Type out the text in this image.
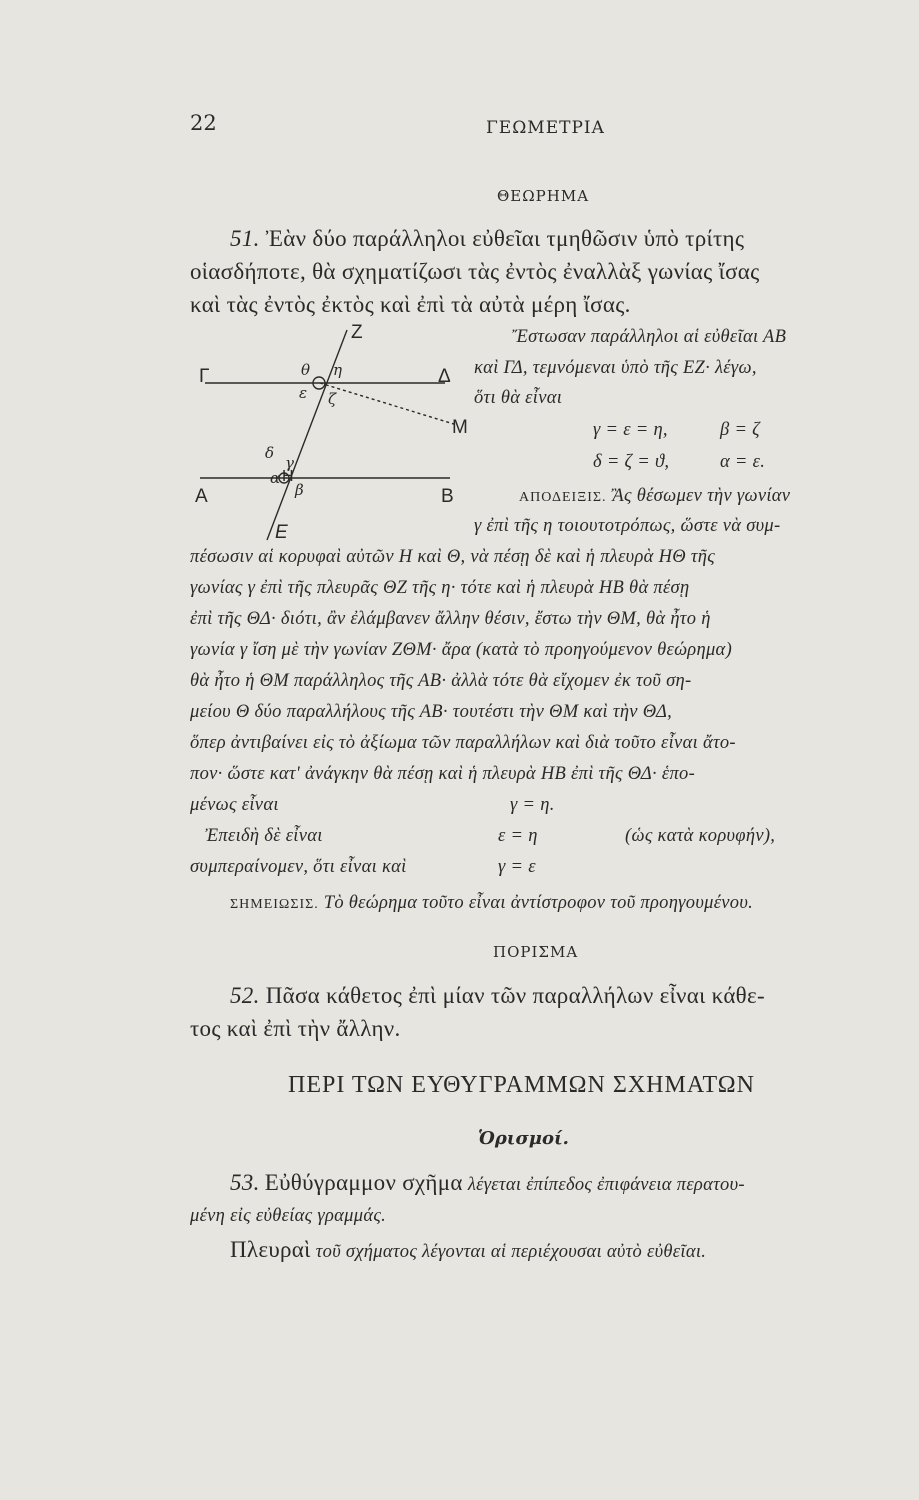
22	ΓΕΩΜΕΤΡΙΑ
ΘΕΩΡΗΜΑ
51. Ἐὰν δύο παράλληλοι εὐθεῖαι τμηθῶσιν ὑπὸ τρίτης
οἱασδήποτε, θὰ σχηματίζωσι τὰς ἐντὸς ἐναλλὰξ γωνίας ἴσας
καὶ τὰς ἐντὸς ἐκτὸς καὶ ἐπὶ τὰ αὐτὰ μέρη ἴσας.
Z
Γ	Δ
M
A	B
E
H
θ η
ε ζ
δ
γ
α
β
Ἔστωσαν παράλληλοι αἱ εὐθεῖαι ΑΒ
καὶ ΓΔ, τεμνόμεναι ὑπὸ τῆς ΕΖ· λέγω,
ὅτι θὰ εἶναι
γ = ε = η,	β = ζ
δ = ζ = ϑ,	α = ε.
ΑΠΟΔΕΙΞΙΣ. Ἂς θέσωμεν τὴν γωνίαν
γ ἐπὶ τῆς η τοιουτοτρόπως, ὥστε νὰ συμ-
πέσωσιν αἱ κορυφαὶ αὐτῶν Η καὶ Θ, νὰ πέσῃ δὲ καὶ ἡ πλευρὰ ΗΘ τῆς
γωνίας γ ἐπὶ τῆς πλευρᾶς ΘΖ τῆς η· τότε καὶ ἡ πλευρὰ ΗΒ θὰ πέσῃ
ἐπὶ τῆς ΘΔ· διότι, ἂν ἐλάμβανεν ἄλλην θέσιν, ἔστω τὴν ΘΜ, θὰ ἦτο ἡ
γωνία γ ἴση μὲ τὴν γωνίαν ΖΘΜ· ἄρα (κατὰ τὸ προηγούμενον θεώρημα)
θὰ ἦτο ἡ ΘΜ παράλληλος τῆς ΑΒ· ἀλλὰ τότε θὰ εἴχομεν ἐκ τοῦ ση-
μείου Θ δύο παραλλήλους τῆς ΑΒ· τουτέστι τὴν ΘΜ καὶ τὴν ΘΔ,
ὅπερ ἀντιβαίνει εἰς τὸ ἀξίωμα τῶν παραλλήλων καὶ διὰ τοῦτο εἶναι ἄτο-
πον· ὥστε κατ' ἀνάγκην θὰ πέσῃ καὶ ἡ πλευρὰ ΗΒ ἐπὶ τῆς ΘΔ· ἑπο-
μένως εἶναι	γ = η.
Ἐπειδὴ δὲ εἶναι	ε = η	(ὡς κατὰ κορυφήν),
συμπεραίνομεν, ὅτι εἶναι καὶ	γ = ε
ΣΗΜΕΙΩΣΙΣ. Τὸ θεώρημα τοῦτο εἶναι ἀντίστροφον τοῦ προηγουμένου.
ΠΟΡΙΣΜΑ
52. Πᾶσα κάθετος ἐπὶ μίαν τῶν παραλλήλων εἶναι κάθε-
τος καὶ ἐπὶ τὴν ἄλλην.
ΠΕΡΙ ΤΩΝ ΕΥΘΥΓΡΑΜΜΩΝ ΣΧΗΜΑΤΩΝ
Ὁρισμοί.
53. Εὐθύγραμμον σχῆμα λέγεται ἐπίπεδος ἐπιφάνεια περατου-
μένη εἰς εὐθείας γραμμάς.
Πλευραὶ τοῦ σχήματος λέγονται αἱ περιέχουσαι αὐτὸ εὐθεῖαι.
